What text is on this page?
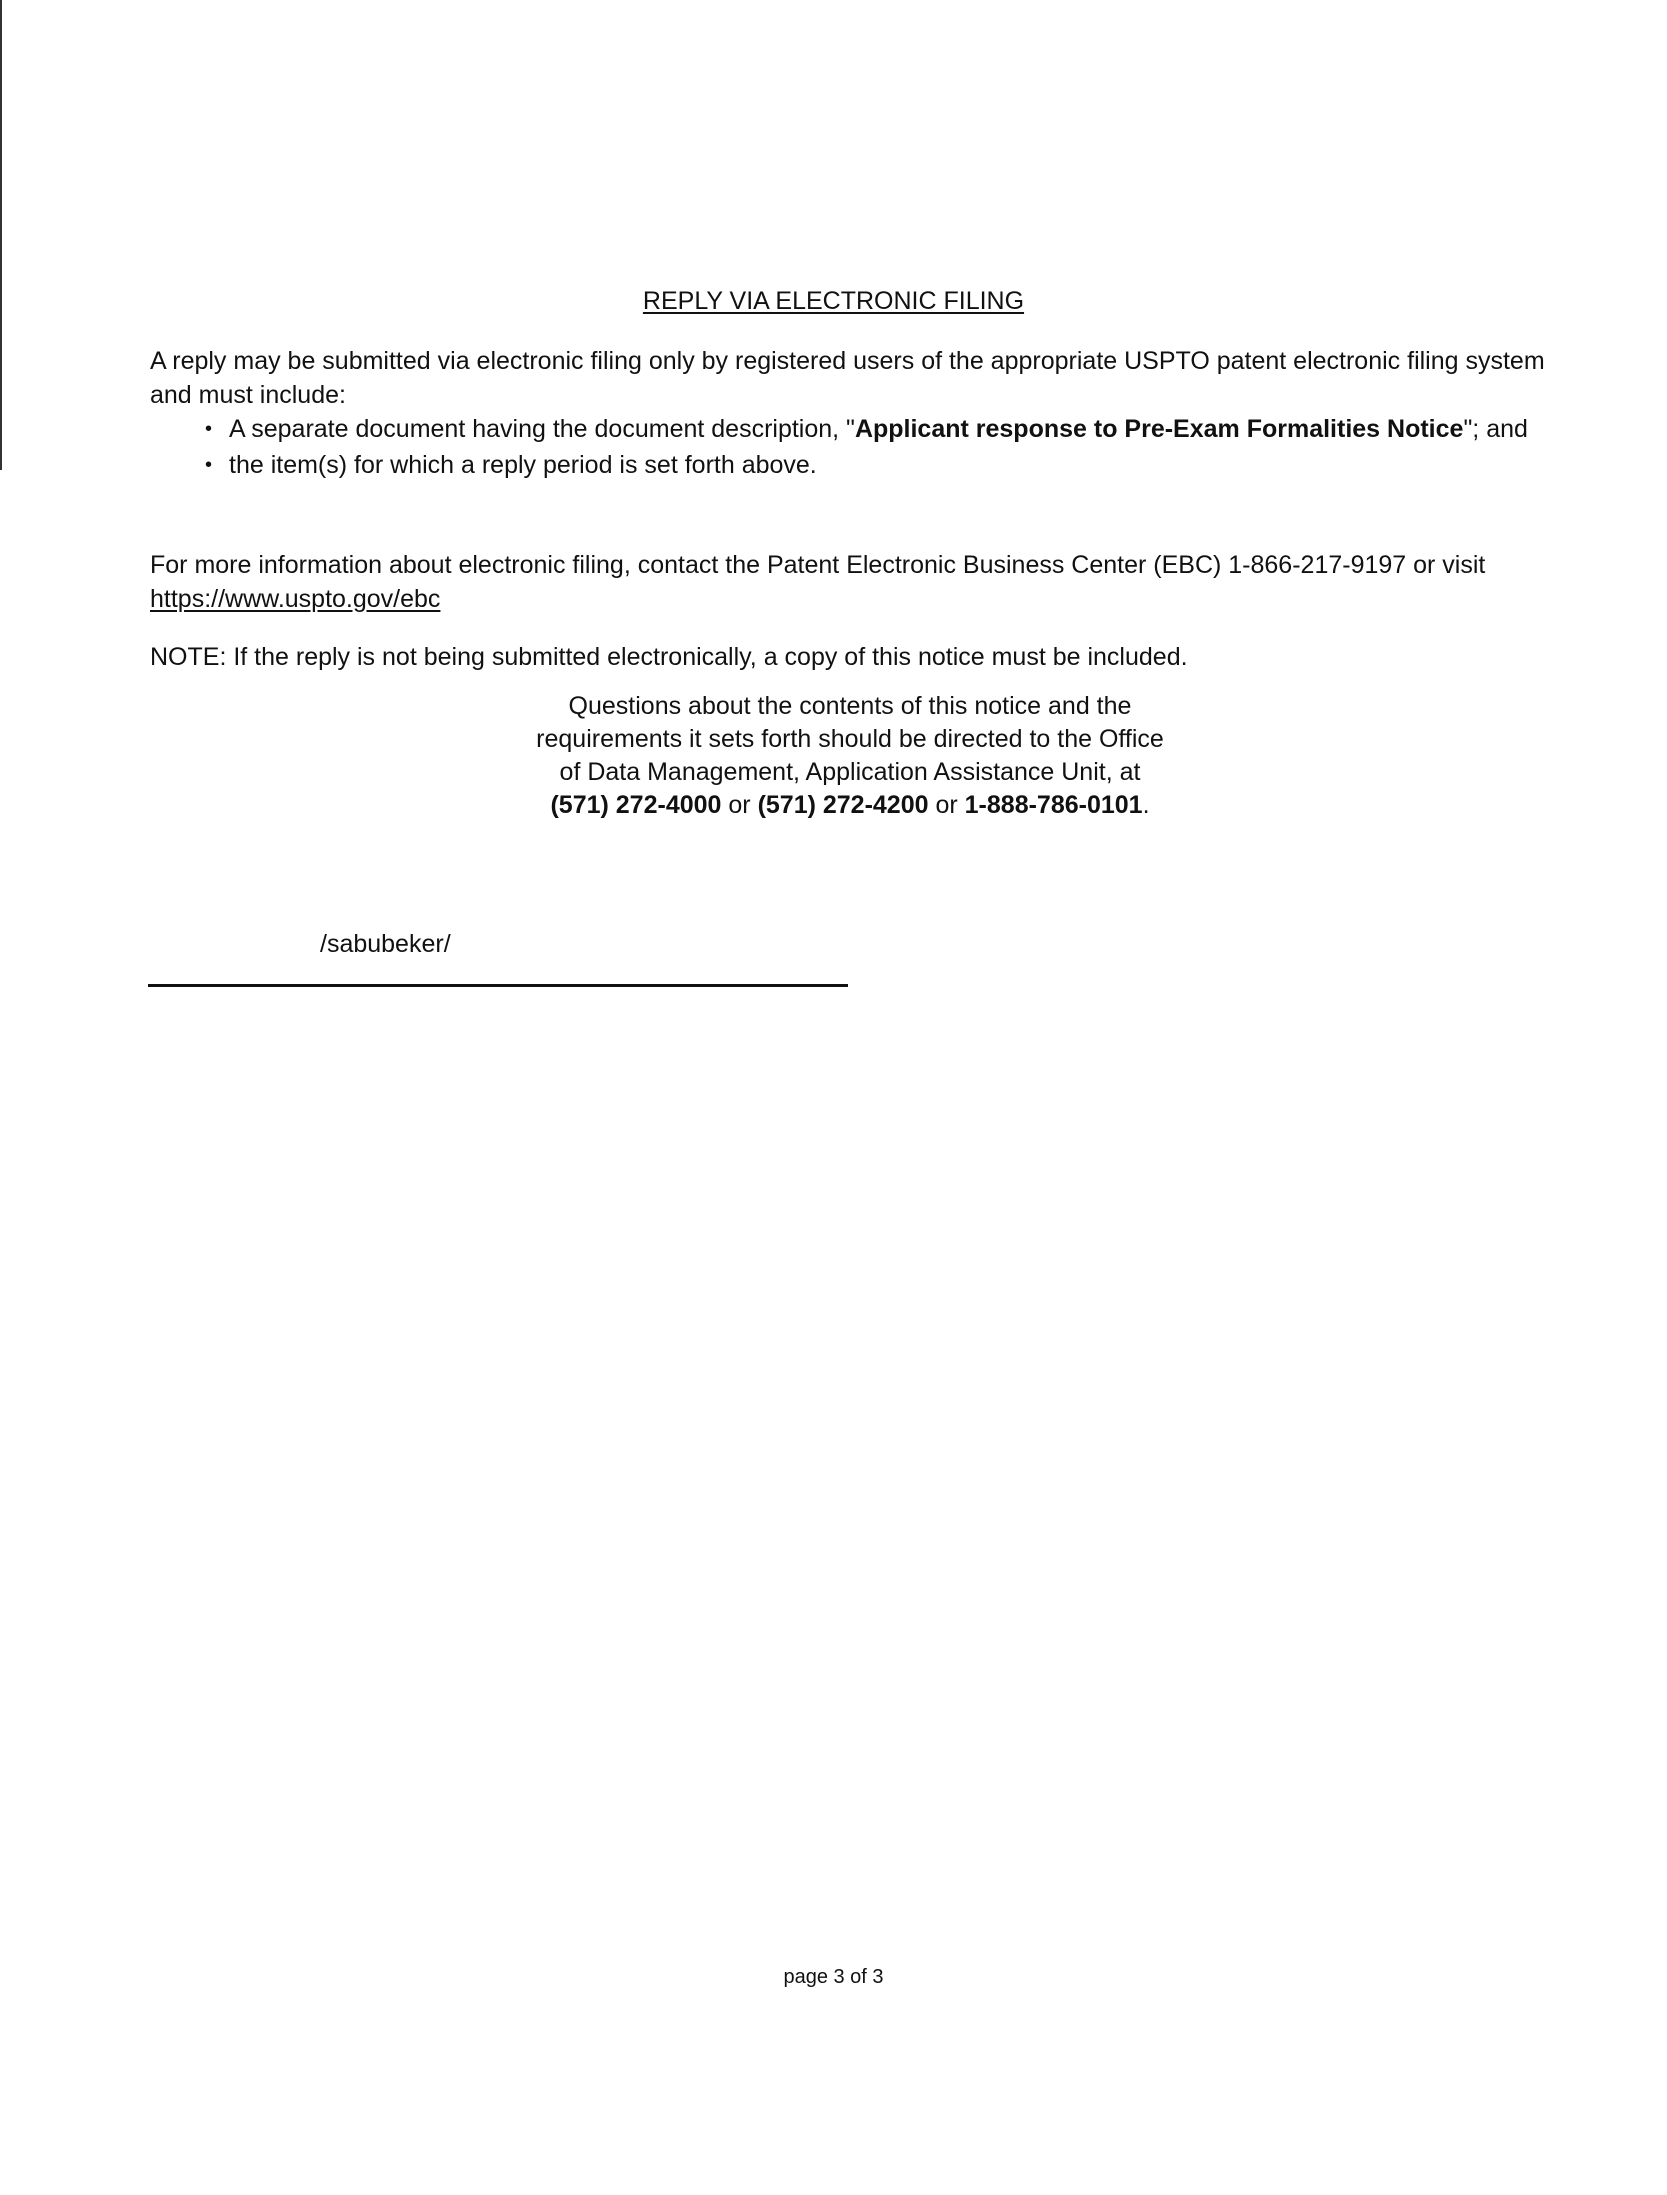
REPLY VIA ELECTRONIC FILING
A reply may be submitted via electronic filing only by registered users of the appropriate USPTO patent electronic filing system and must include:
• A separate document having the document description, "Applicant response to Pre-Exam Formalities Notice"; and
• the item(s) for which a reply period is set forth above.
For more information about electronic filing, contact the Patent Electronic Business Center (EBC) 1-866-217-9197 or visit https://www.uspto.gov/ebc
NOTE: If the reply is not being submitted electronically, a copy of this notice must be included.
Questions about the contents of this notice and the
requirements it sets forth should be directed to the Office
of Data Management, Application Assistance Unit, at
(571) 272-4000 or (571) 272-4200 or 1-888-786-0101.
/sabubeker/
page 3 of 3
